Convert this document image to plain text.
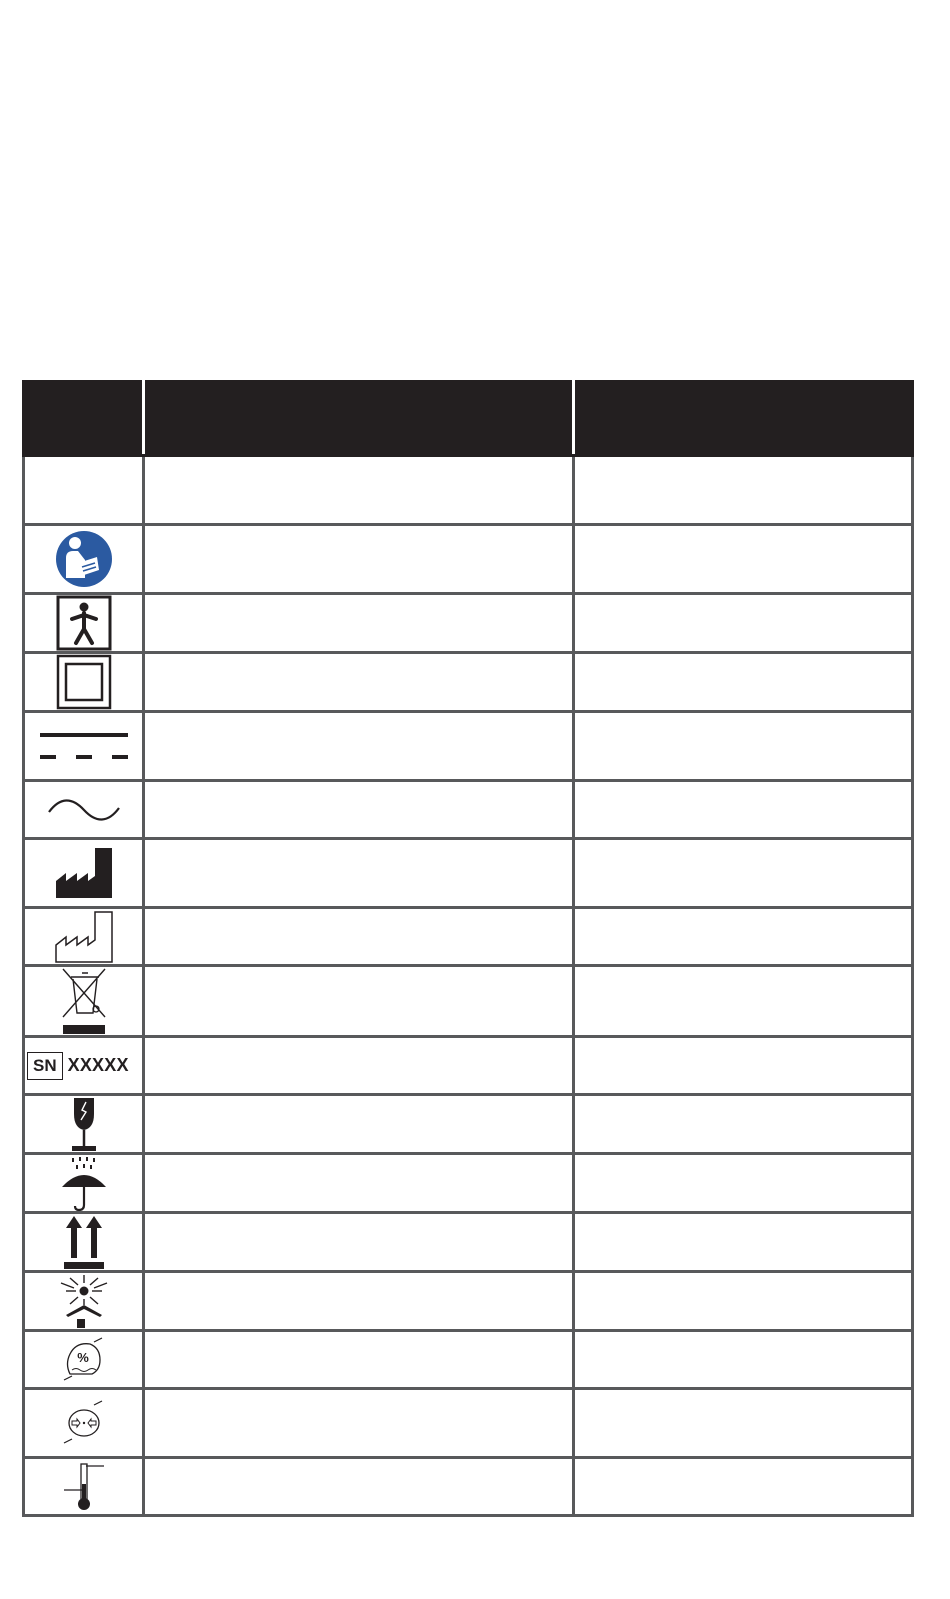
SN XXXXX		

%		
